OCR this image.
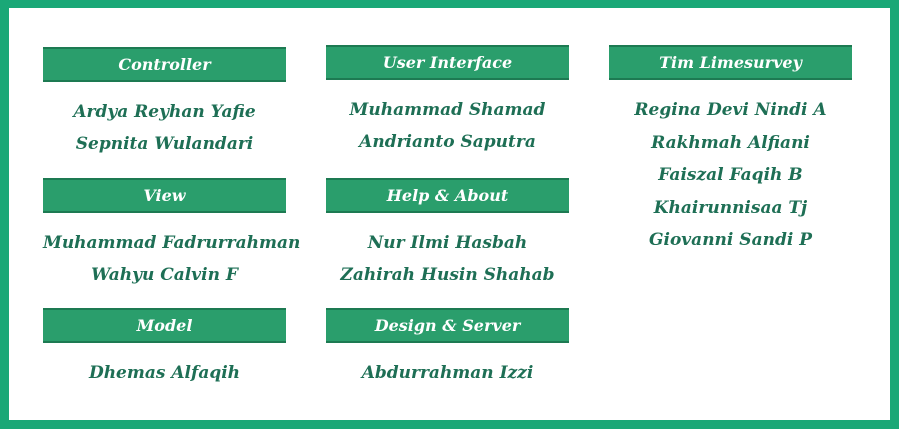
Controller
Ardya Reyhan Yafie
Sepnita Wulandari
User Interface
Muhammad Shamad
Andrianto Saputra
Tim Limesurvey
Regina Devi Nindi A
Rakhmah Alfiani
Faiszal Faqih B
Khairunnisaa Tj
Giovanni Sandi P
View
Muhammad Fadrurrahman
Wahyu Calvin F
Help & About
Nur Ilmi Hasbah
Zahirah Husin Shahab
Model
Dhemas Alfaqih
Design & Server
Abdurrahman Izzi
